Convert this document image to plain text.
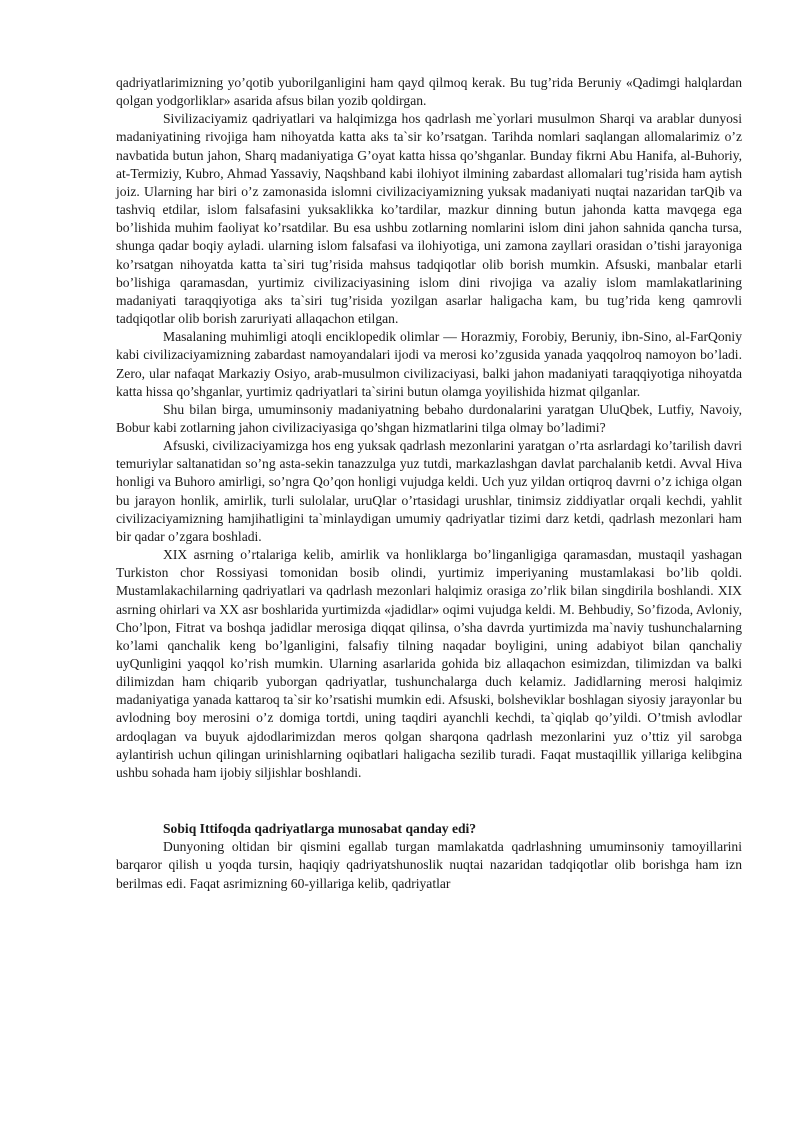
qadriyatlarimizning yo’qotib yuborilganligini ham qayd qilmoq kerak. Bu tug’rida Beruniy «Qadimgi halqlardan qolgan yodgorliklar» asarida afsus bilan yozib qoldirgan.

Sivilizaciyamiz qadriyatlari va halqimizga hos qadrlash me`yorlari musulmon Sharqi va arablar dunyosi madaniyatining rivojiga ham nihoyatda katta aks ta`sir ko’rsatgan. Tarihda nomlari saqlangan allomalarimiz o’z navbatida butun jahon, Sharq madaniyatiga G’oyat katta hissa qo’shganlar. Bunday fikrni Abu Hanifa, al-Buhoriy, at-Termiziy, Kubro, Ahmad Yassaviy, Naqshband kabi ilohiyot ilmining zabardast allomalari tug’risida ham aytish joiz. Ularning har biri o’z zamonasida islomni civilizaciyamizning yuksak madaniyati nuqtai nazaridan tarQib va tashviq etdilar, islom falsafasini yuksaklikka ko’tardilar, mazkur dinning butun jahonda katta mavqega ega bo’lishida muhim faoliyat ko’rsatdilar. Bu esa ushbu zotlarning nomlarini islom dini jahon sahnida qancha tursa, shunga qadar boqiy ayladi. ularning islom falsafasi va ilohiyotiga, uni zamona zayllari orasidan o’tishi jarayoniga ko’rsatgan nihoyatda katta ta`siri tug’risida mahsus tadqiqotlar olib borish mumkin. Afsuski, manbalar etarli bo’lishiga qaramasdan, yurtimiz civilizaciyasining islom dini rivojiga va azaliy islom mamlakatlarining madaniyati taraqqiyotiga aks ta`siri tug’risida yozilgan asarlar haligacha kam, bu tug’rida keng qamrovli tadqiqotlar olib borish zaruriyati allaqachon etilgan.

Masalaning muhimligi atoqli enciklopedik olimlar — Horazmiy, Forobiy, Beruniy, ibn-Sino, al-FarQoniy kabi civilizaciyamizning zabardast namoyandalari ijodi va merosi ko’zgusida yanada yaqqolroq namoyon bo’ladi. Zero, ular nafaqat Markaziy Osiyo, arab-musulmon civilizaciyasi, balki jahon madaniyati taraqqiyotiga nihoyatda katta hissa qo’shganlar, yurtimiz qadriyatlari ta`sirini butun olamga yoyilishida hizmat qilganlar.

Shu bilan birga, umuminsoniy madaniyatning bebaho durdonalarini yaratgan UluQbek, Lutfiy, Navoiy, Bobur kabi zotlarning jahon civilizaciyasiga qo’shgan hizmatlarini tilga olmay bo’ladimi?

Afsuski, civilizaciyamizga hos eng yuksak qadrlash mezonlarini yaratgan o’rta asrlardagi ko’tarilish davri temuriylar saltanatidan so’ng asta-sekin tanazzulga yuz tutdi, markazlashgan davlat parchalanib ketdi. Avval Hiva honligi va Buhoro amirligi, so’ngra Qo’qon honligi vujudga keldi. Uch yuz yildan ortiqroq davrni o’z ichiga olgan bu jarayon honlik, amirlik, turli sulolalar, uruQlar o’rtasidagi urushlar, tinimsiz ziddiyatlar orqali kechdi, yahlit civilizaciyamizning hamjihatligini ta`minlaydigan umumiy qadriyatlar tizimi darz ketdi, qadrlash mezonlari ham bir qadar o’zgara boshladi.

XIX asrning o’rtalariga kelib, amirlik va honliklarga bo’linganligiga qaramasdan, mustaqil yashagan Turkiston chor Rossiyasi tomonidan bosib olindi, yurtimiz imperiyaning mustamlakasi bo’lib qoldi. Mustamlakachilarning qadriyatlari va qadrlash mezonlari halqimiz orasiga zo’rlik bilan singdirila boshlandi. XIX asrning ohirlari va XX asr boshlarida yurtimizda «jadidlar» oqimi vujudga keldi. M. Behbudiy, So’fizoda, Avloniy, Cho’lpon, Fitrat va boshqa jadidlar merosiga diqqat qilinsa, o’sha davrda yurtimizda ma`naviy tushunchalarning ko’lami qanchalik keng bo’lganligini, falsafiy tilning naqadar boyligini, uning adabiyot bilan qanchaliy uyQunligini yaqqol ko’rish mumkin. Ularning asarlarida gohida biz allaqachon esimizdan, tilimizdan va balki dilimizdan ham chiqarib yuborgan qadriyatlar, tushunchalarga duch kelamiz. Jadidlarning merosi halqimiz madaniyatiga yanada kattaroq ta`sir ko’rsatishi mumkin edi. Afsuski, bolsheviklar boshlagan siyosiy jarayonlar bu avlodning boy merosini o’z domiga tortdi, uning taqdiri ayanchli kechdi, ta`qiqlab qo’yildi. O’tmish avlodlar ardoqlagan va buyuk ajdodlarimizdan meros qolgan sharqona qadrlash mezonlarini yuz o’ttiz yil sarobga aylantirish uchun qilingan urinishlarning oqibatlari haligacha sezilib turadi. Faqat mustaqillik yillariga kelibgina ushbu sohada ham ijobiy siljishlar boshlandi.

Sobiq Ittifoqda qadriyatlarga munosabat qanday edi?

Dunyoning oltidan bir qismini egallab turgan mamlakatda qadrlashning umuminsoniy tamoyillarini barqaror qilish u yoqda tursin, haqiqiy qadriyatshunoslik nuqtai nazaridan tadqiqotlar olib borishga ham izn berilmas edi. Faqat asrimizning 60-yillariga kelib, qadriyatlar
